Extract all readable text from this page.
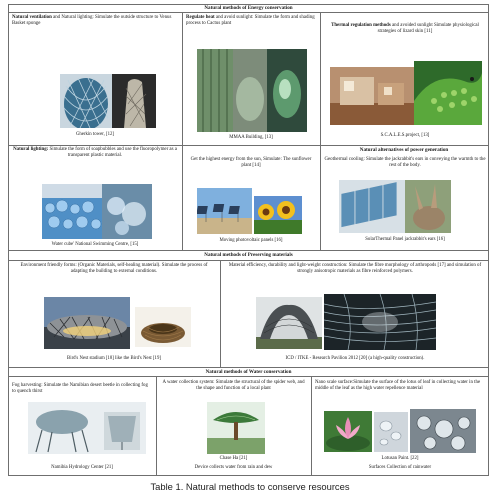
Natural methods of Energy conservation
Natural ventilation and Natural lighting: Simulate the outside structure to Venus Basket sponge
Gherkin tower, [12]
Regulate heat and avoid sunlight: Simulate the form and shading process to Cactus plant
MMAA Building, [13]
Thermal regulation methods and avoided sunlight Simulate physiological strategies of lizard skin [11]
S.C.A.L.E.S.project, [13]
Natural lighting: Simulate the form of soapbubbles and use the fluoropolymer as a transparent plastic material.
Water cube' National Swimming Centre, [15]
Natural alternatives of power generation
Get the highest energy from the sun, Simulate: The sunflower plant [14]
Moving photovoltaic panels [16]
Geothermal cooling: Simulate the jackrabbit's ears in conveying the warmth to the rest of the body.
SolarThermal Panel jackrabbit's ears [16]
Natural methods of Preserving materials
Environment friendly forms: (Organic Materials, self-healing material). Simulate the process of adapting the building to external conditions.
Bird's Nest stadium [18] like the Bird's Nest [19]
Material efficiency, durability and light-weight construction: Simulate the fibre morphology of arthropods [17] and simulation of strongly anisotropic materials as fibre reinforced polymers.
ICD / ITKE - Research Pavilion 2012 [20] (a high-quality construction).
Natural methods of Water conservation
Fog harvesting: Simulate the Namibian desert beetle in collecting fog to quench thirst
Namibia Hydrology Center [21]
A water collection system: Simulate the structural of the spider web, and the shape and function of a local plant
Chase Ha [21]
Device collects water from rain and dew
Nano scale surface:Simulate the surface of the lotus of leaf in collecting water in the middle of the leaf as the high water repellence material
Lotusan Paint. [22]
Surfaces Collection of rainwater
Table 1. Natural methods to conserve resources
